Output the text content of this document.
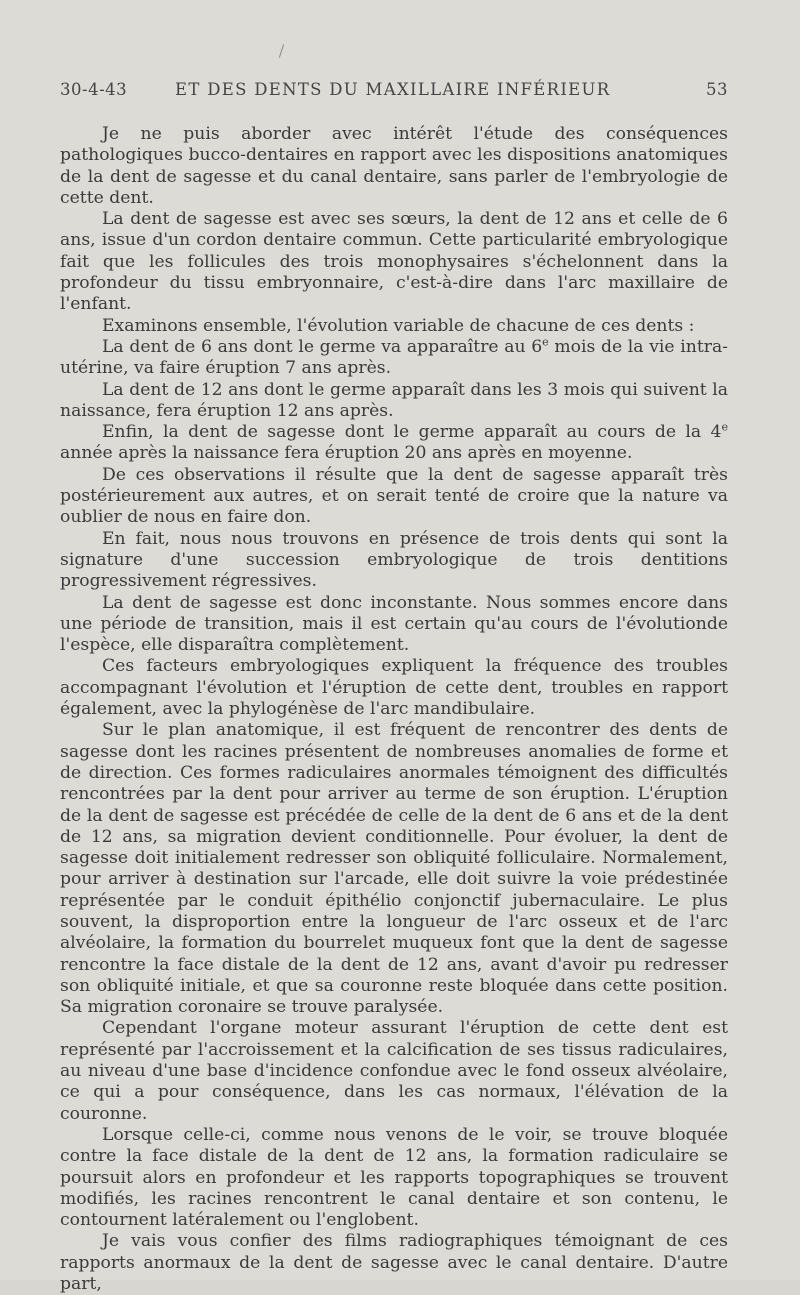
30-4-43	ET DES DENTS DU MAXILLAIRE INFÉRIEUR	53

Je ne puis aborder avec intérêt l'étude des conséquences pathologiques bucco-dentaires en rapport avec les dispositions anatomiques de la dent de sagesse et du canal dentaire, sans parler de l'embryologie de cette dent.

La dent de sagesse est avec ses sœurs, la dent de 12 ans et celle de 6 ans, issue d'un cordon dentaire commun. Cette particularité embryologique fait que les follicules des trois monophysaires s'échelonnent dans la profondeur du tissu embryonnaire, c'est-à-dire dans l'arc maxillaire de l'enfant.

Examinons ensemble, l'évolution variable de chacune de ces dents :

La dent de 6 ans dont le germe va apparaître au 6e mois de la vie intra-utérine, va faire éruption 7 ans après.

La dent de 12 ans dont le germe apparaît dans les 3 mois qui suivent la naissance, fera éruption 12 ans après.

Enfin, la dent de sagesse dont le germe apparaît au cours de la 4e année après la naissance fera éruption 20 ans après en moyenne.

De ces observations il résulte que la dent de sagesse apparaît très postérieurement aux autres, et on serait tenté de croire que la nature va oublier de nous en faire don.

En fait, nous nous trouvons en présence de trois dents qui sont la signature d'une succession embryologique de trois dentitions progressivement régressives.

La dent de sagesse est donc inconstante. Nous sommes encore dans une période de transition, mais il est certain qu'au cours de l'évolutionde l'espèce, elle disparaîtra complètement.

Ces facteurs embryologiques expliquent la fréquence des troubles accompagnant l'évolution et l'éruption de cette dent, troubles en rapport également, avec la phylogénèse de l'arc mandibulaire.

Sur le plan anatomique, il est fréquent de rencontrer des dents de sagesse dont les racines présentent de nombreuses anomalies de forme et de direction. Ces formes radiculaires anormales témoignent des difficultés rencontrées par la dent pour arriver au terme de son éruption. L'éruption de la dent de sagesse est précédée de celle de la dent de 6 ans et de la dent de 12 ans, sa migration devient conditionnelle. Pour évoluer, la dent de sagesse doit initialement redresser son obliquité folliculaire. Normalement, pour arriver à destination sur l'arcade, elle doit suivre la voie prédestinée représentée par le conduit épithélio conjonctif jubernaculaire. Le plus souvent, la disproportion entre la longueur de l'arc osseux et de l'arc alvéolaire, la formation du bourrelet muqueux font que la dent de sagesse rencontre la face distale de la dent de 12 ans, avant d'avoir pu redresser son obliquité initiale, et que sa couronne reste bloquée dans cette position. Sa migration coronaire se trouve paralysée.

Cependant l'organe moteur assurant l'éruption de cette dent est représenté par l'accroissement et la calcification de ses tissus radiculaires, au niveau d'une base d'incidence confondue avec le fond osseux alvéolaire, ce qui a pour conséquence, dans les cas normaux, l'élévation de la couronne.

Lorsque celle-ci, comme nous venons de le voir, se trouve bloquée contre la face distale de la dent de 12 ans, la formation radiculaire se poursuit alors en profondeur et les rapports topographiques se trouvent modifiés, les racines rencontrent le canal dentaire et son contenu, le contournent latéralement ou l'englobent.

Je vais vous confier des films radiographiques témoignant de ces rapports anormaux de la dent de sagesse avec le canal dentaire. D'autre part,
